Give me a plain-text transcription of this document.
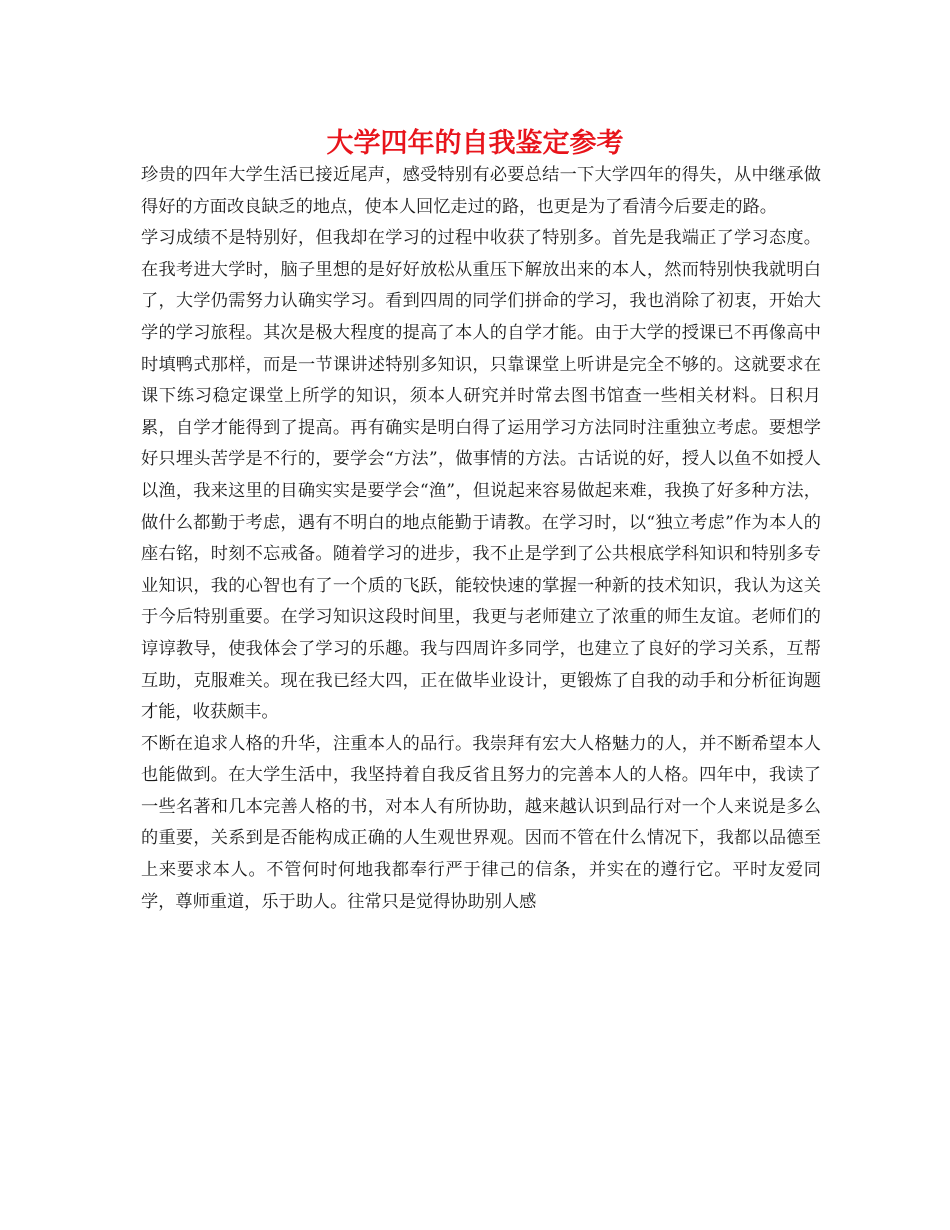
大学四年的自我鉴定参考

珍贵的四年大学生活已接近尾声，感受特别有必要总结一下大学四年的得失，从中继承做得好的方面改良缺乏的地点，使本人回忆走过的路，也更是为了看清今后要走的路。

学习成绩不是特别好，但我却在学习的过程中收获了特别多。首先是我端正了学习态度。在我考进大学时，脑子里想的是好好放松从重压下解放出来的本人，然而特别快我就明白了，大学仍需努力认确实学习。看到四周的同学们拼命的学习，我也消除了初衷，开始大学的学习旅程。其次是极大程度的提高了本人的自学才能。由于大学的授课已不再像高中时填鸭式那样，而是一节课讲述特别多知识，只靠课堂上听讲是完全不够的。这就要求在课下练习稳定课堂上所学的知识，须本人研究并时常去图书馆查一些相关材料。日积月累，自学才能得到了提高。再有确实是明白得了运用学习方法同时注重独立考虑。要想学好只埋头苦学是不行的，要学会“方法”，做事情的方法。古话说的好，授人以鱼不如授人以渔，我来这里的目确实实是要学会“渔”，但说起来容易做起来难，我换了好多种方法，做什么都勤于考虑，遇有不明白的地点能勤于请教。在学习时，以“独立考虑”作为本人的座右铭，时刻不忘戒备。随着学习的进步，我不止是学到了公共根底学科知识和特别多专业知识，我的心智也有了一个质的飞跃，能较快速的掌握一种新的技术知识，我认为这关于今后特别重要。在学习知识这段时间里，我更与老师建立了浓重的师生友谊。老师们的谆谆教导，使我体会了学习的乐趣。我与四周许多同学，也建立了良好的学习关系，互帮互助，克服难关。现在我已经大四，正在做毕业设计，更锻炼了自我的动手和分析征询题才能，收获颇丰。

不断在追求人格的升华，注重本人的品行。我崇拜有宏大人格魅力的人，并不断希望本人也能做到。在大学生活中，我坚持着自我反省且努力的完善本人的人格。四年中，我读了一些名著和几本完善人格的书，对本人有所协助，越来越认识到品行对一个人来说是多么的重要，关系到是否能构成正确的人生观世界观。因而不管在什么情况下，我都以品德至上来要求本人。不管何时何地我都奉行严于律己的信条，并实在的遵行它。平时友爱同学，尊师重道，乐于助人。往常只是觉得协助别人感
